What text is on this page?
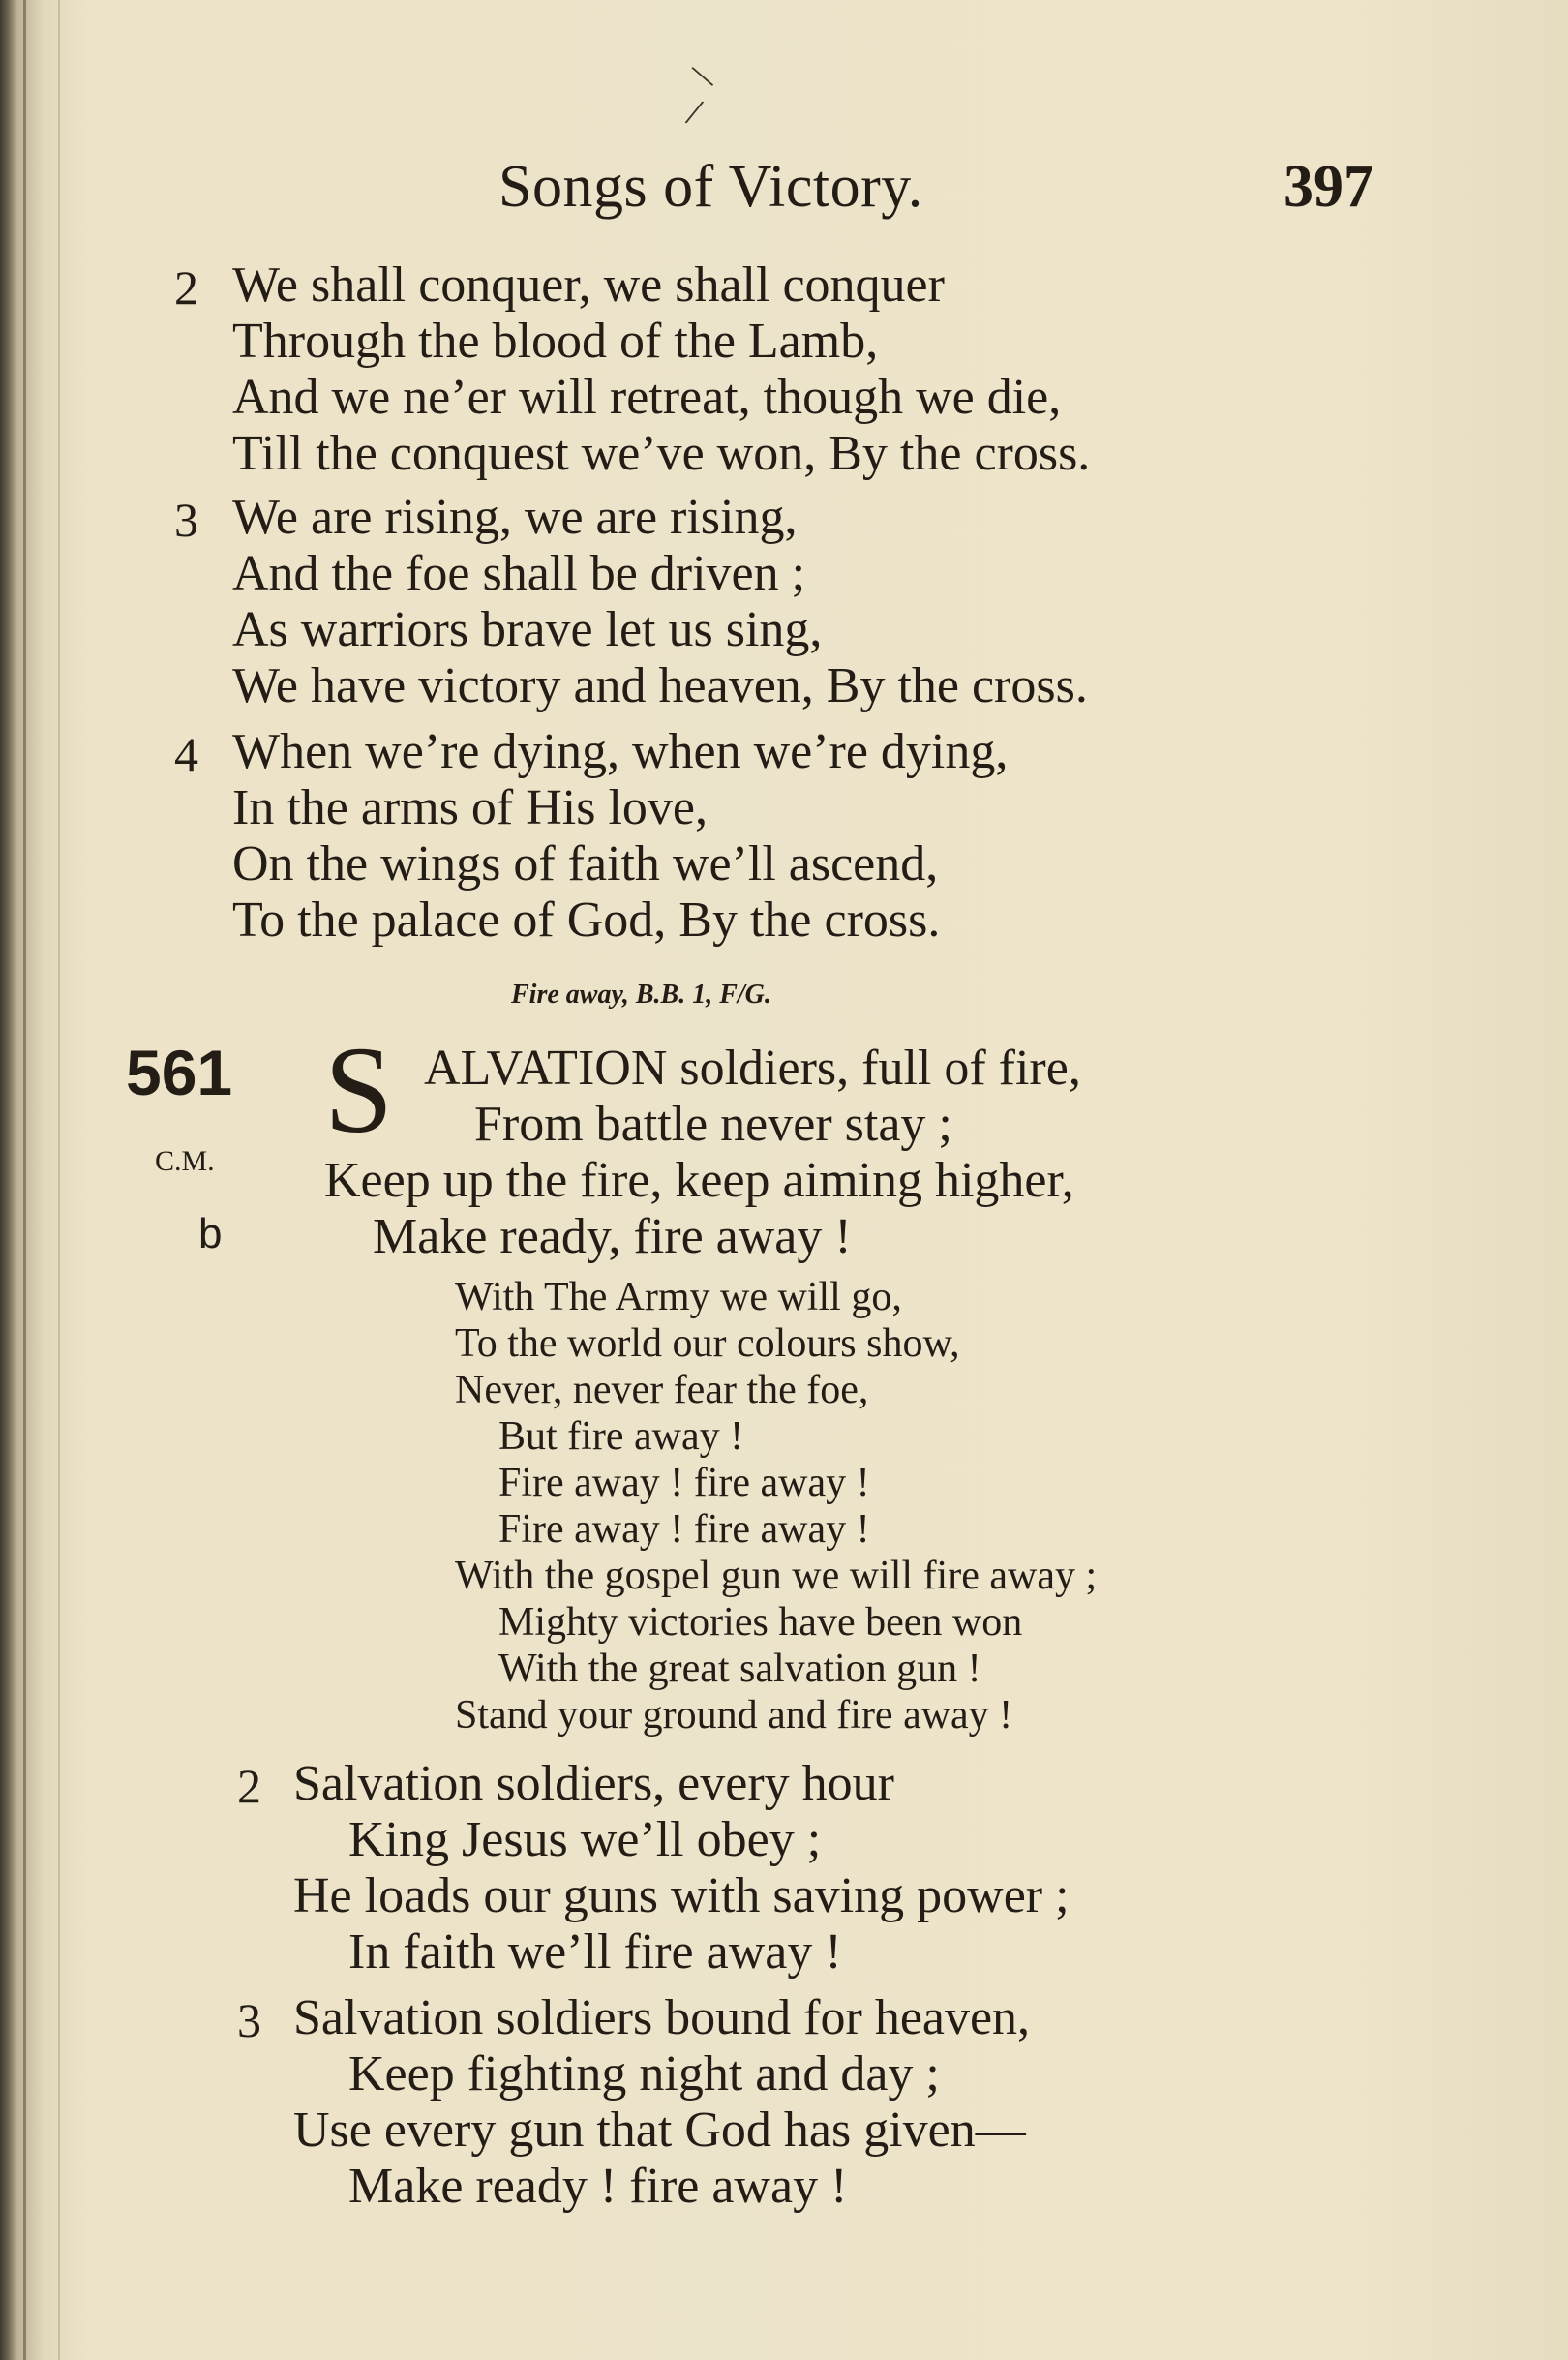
\
/
Songs of Victory.	397
2 We shall conquer, we shall conquer
Through the blood of the Lamb,
And we ne’er will retreat, though we die,
Till the conquest we’ve won, By the cross.
3 We are rising, we are rising,
And the foe shall be driven ;
As warriors brave let us sing,
We have victory and heaven, By the cross.
4 When we’re dying, when we’re dying,
In the arms of His love,
On the wings of faith we’ll ascend,
To the palace of God, By the cross.
Fire away, B.B. 1, F/G.
561
C.M.
b
S ALVATION soldiers, full of fire,
From battle never stay ;
Keep up the fire, keep aiming higher,
Make ready, fire away !
With The Army we will go,
To the world our colours show,
Never, never fear the foe,
But fire away !
Fire away ! fire away !
Fire away ! fire away !
With the gospel gun we will fire away ;
Mighty victories have been won
With the great salvation gun !
Stand your ground and fire away !
2 Salvation soldiers, every hour
King Jesus we’ll obey ;
He loads our guns with saving power ;
In faith we’ll fire away !
3 Salvation soldiers bound for heaven,
Keep fighting night and day ;
Use every gun that God has given—
Make ready ! fire away !
